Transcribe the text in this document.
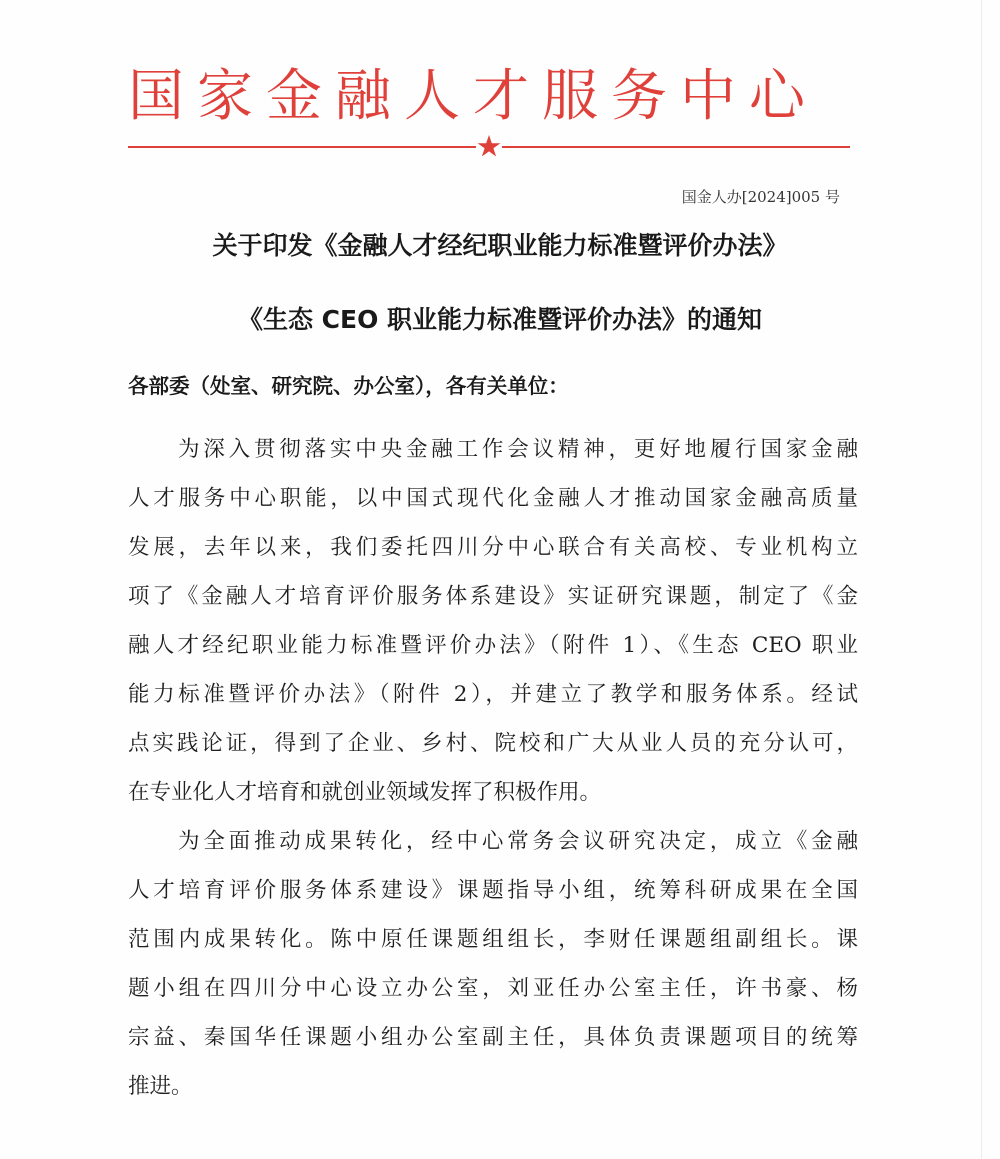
国家金融人才服务中心
国金人办[2024]005 号
关于印发《金融人才经纪职业能力标准暨评价办法》
《生态 CEO 职业能力标准暨评价办法》的通知
各部委（处室、研究院、办公室），各有关单位：
为深入贯彻落实中央金融工作会议精神，更好地履行国家金融
人才服务中心职能，以中国式现代化金融人才推动国家金融高质量
发展，去年以来，我们委托四川分中心联合有关高校、专业机构立
项了《金融人才培育评价服务体系建设》实证研究课题，制定了《金
融人才经纪职业能力标准暨评价办法》（附件 1）、《生态 CEO 职业
能力标准暨评价办法》（附件 2），并建立了教学和服务体系。经试
点实践论证，得到了企业、乡村、院校和广大从业人员的充分认可，
在专业化人才培育和就创业领域发挥了积极作用。
为全面推动成果转化，经中心常务会议研究决定，成立《金融
人才培育评价服务体系建设》课题指导小组，统筹科研成果在全国
范围内成果转化。陈中原任课题组组长，李财任课题组副组长。课
题小组在四川分中心设立办公室，刘亚任办公室主任，许书豪、杨
宗益、秦国华任课题小组办公室副主任，具体负责课题项目的统筹
推进。
